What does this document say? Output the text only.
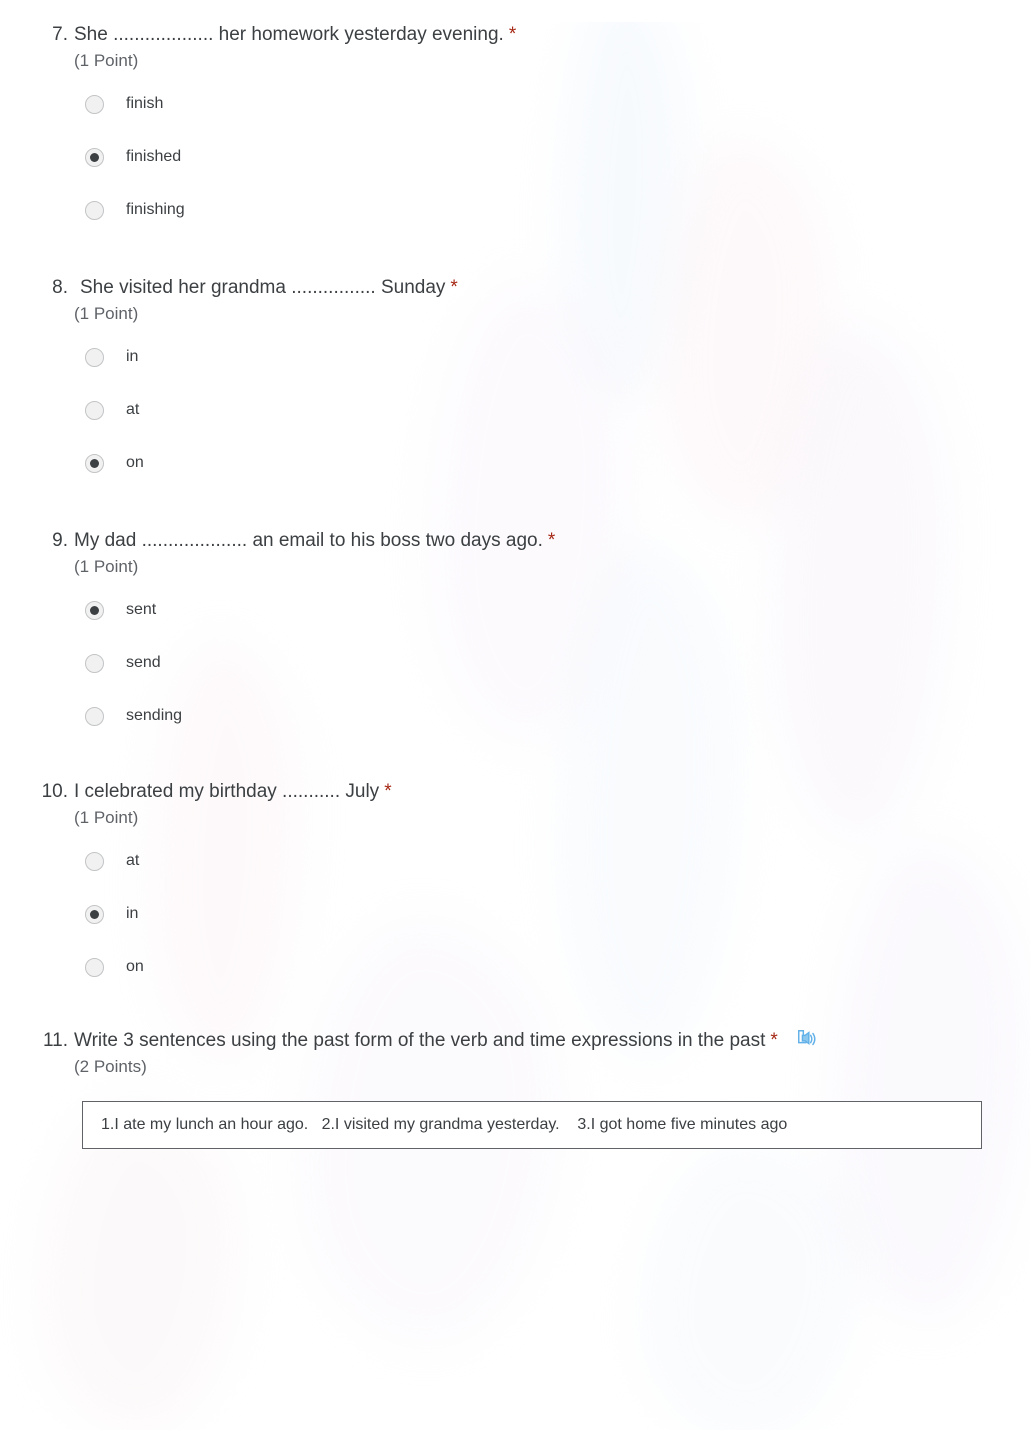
7. She ................... her homework yesterday evening. *
(1 Point)
finish
finished
finishing
8. She visited her grandma ................ Sunday *
(1 Point)
in
at
on
9. My dad .................... an email to his boss two days ago. *
(1 Point)
sent
send
sending
10. I celebrated my birthday ........... July *
(1 Point)
at
in
on
11. Write 3 sentences using the past form of the verb and time expressions in the past *
(2 Points)
1.I ate my lunch an hour ago.   2.I visited my grandma yesterday.    3.I got home five minutes ago
